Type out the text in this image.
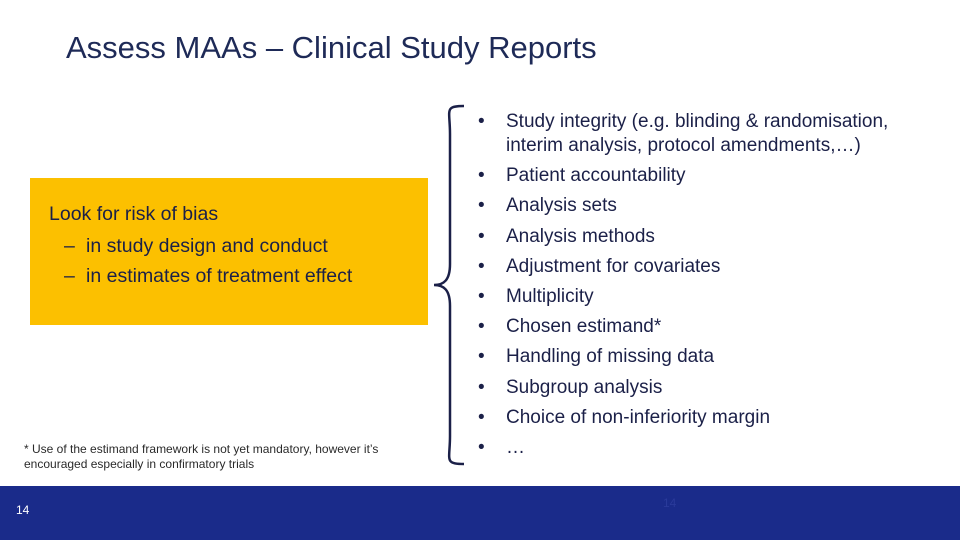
Assess MAAs – Clinical Study Reports
Look for risk of bias
– in study design and conduct
– in estimates of treatment effect
* Use of the estimand framework is not yet mandatory, however it’s encouraged especially in confirmatory trials
• Study integrity (e.g. blinding & randomisation, interim analysis, protocol amendments,…)
• Patient accountability
• Analysis sets
• Analysis methods
• Adjustment for covariates
• Multiplicity
• Chosen estimand*
• Handling of missing data
• Subgroup analysis
• Choice of non-inferiority margin
• …
14	14
